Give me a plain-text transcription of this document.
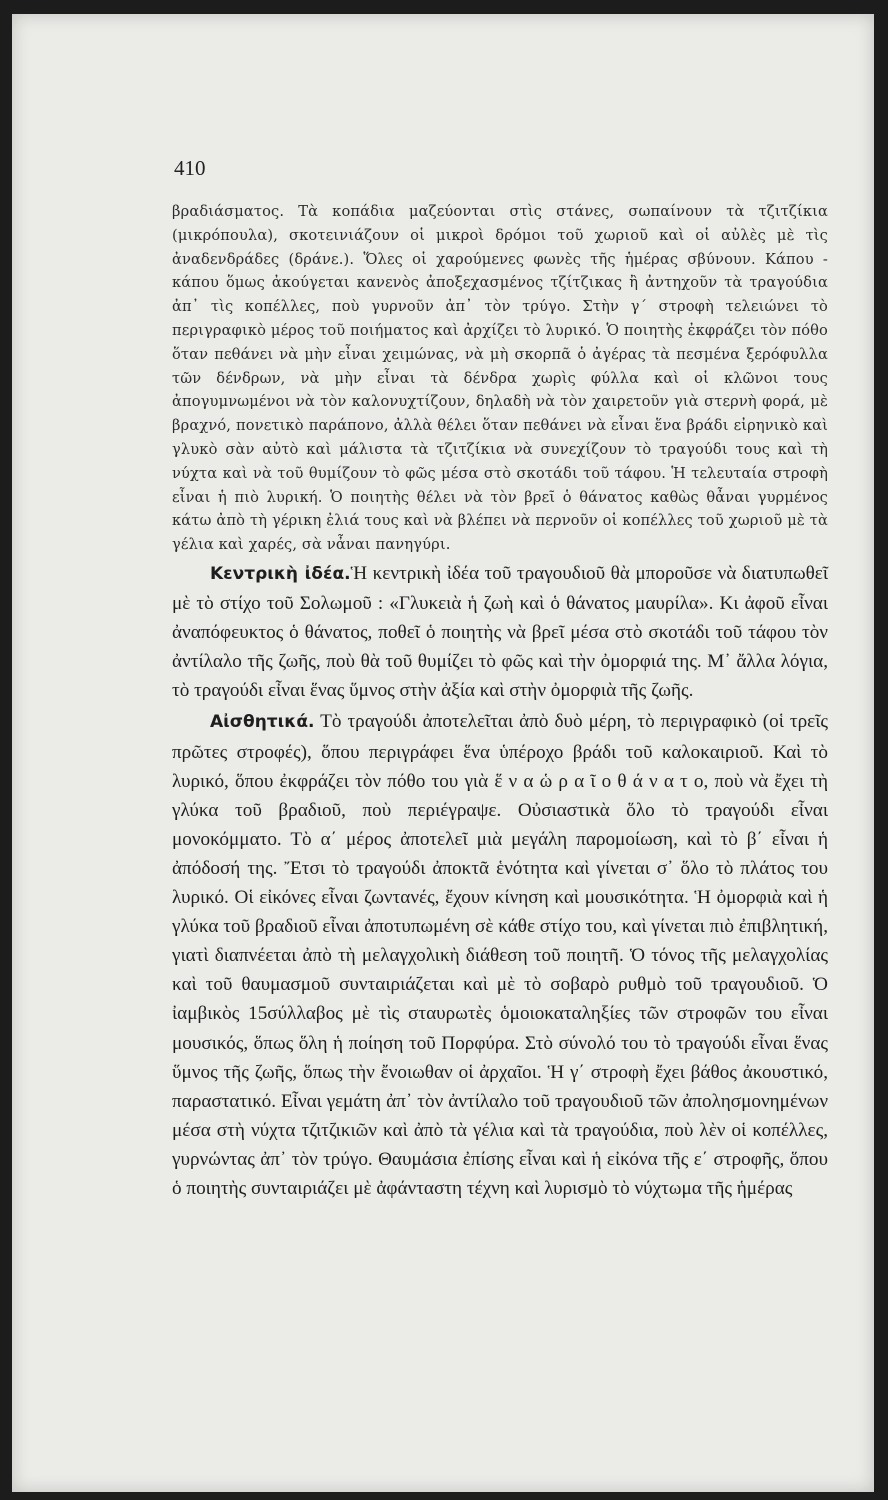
410

βραδιάσματος. Τὰ κοπάδια μαζεύονται στὶς στάνες, σωπαίνουν τὰ τζιτζίκια (μικρόπουλα), σκοτεινιάζουν οἱ μικροὶ δρόμοι τοῦ χωριοῦ καὶ οἱ αὐλὲς μὲ τὶς ἀναδενδράδες (δράνε.). Ὅλες οἱ χαρούμενες φωνὲς τῆς ἡμέρας σβύνουν. Κάπου - κάπου ὅμως ἀκούγεται κανενὸς ἀποξεχασμένος τζίτζικας ἢ ἀντηχοῦν τὰ τραγούδια ἀπ᾽ τὶς κοπέλλες, ποὺ γυρνοῦν ἀπ᾽ τὸν τρύγο. Στὴν γ΄ στροφὴ τελειώνει τὸ περιγραφικὸ μέρος τοῦ ποιήματος καὶ ἀρχίζει τὸ λυρικό. Ὁ ποιητὴς ἐκφράζει τὸν πόθο ὅταν πεθάνει νὰ μὴν εἶναι χειμώνας, νὰ μὴ σκορπᾶ ὁ ἀγέρας τὰ πεσμένα ξερόφυλλα τῶν δένδρων, νὰ μὴν εἶναι τὰ δένδρα χωρὶς φύλλα καὶ οἱ κλῶνοι τους ἀπογυμνωμένοι νὰ τὸν καλονυχτίζουν, δηλαδὴ νὰ τὸν χαιρετοῦν γιὰ στερνὴ φορά, μὲ βραχνό, πονετικὸ παράπονο, ἀλλὰ θέλει ὅταν πεθάνει νὰ εἶναι ἕνα βράδι εἰρηνικὸ καὶ γλυκὸ σὰν αὐτὸ καὶ μάλιστα τὰ τζιτζίκια νὰ συνεχίζουν τὸ τραγούδι τους καὶ τὴ νύχτα καὶ νὰ τοῦ θυμίζουν τὸ φῶς μέσα στὸ σκοτάδι τοῦ τάφου. Ἡ τελευταία στροφὴ εἶναι ἡ πιὸ λυρική. Ὁ ποιητὴς θέλει νὰ τὸν βρεῖ ὁ θάνατος καθὼς θἆναι γυρμένος κάτω ἀπὸ τὴ γέρικη ἐλιά τους καὶ νὰ βλέπει νὰ περνοῦν οἱ κοπέλλες τοῦ χωριοῦ μὲ τὰ γέλια καὶ χαρές, σὰ νἆναι πανηγύρι.

Κεντρικὴ ἰδέα.Ἡ κεντρικὴ ἰδέα τοῦ τραγουδιοῦ θὰ μποροῦσε νὰ διατυπωθεῖ μὲ τὸ στίχο τοῦ Σολωμοῦ : «Γλυκειὰ ἡ ζωὴ καὶ ὁ θάνατος μαυρίλα». Κι ἀφοῦ εἶναι ἀναπόφευκτος ὁ θάνατος, ποθεῖ ὁ ποιητὴς νὰ βρεῖ μέσα στὸ σκοτάδι τοῦ τάφου τὸν ἀντίλαλο τῆς ζωῆς, ποὺ θὰ τοῦ θυμίζει τὸ φῶς καὶ τὴν ὀμορφιά της. Μ᾽ ἄλλα λόγια, τὸ τραγούδι εἶναι ἕνας ὕμνος στὴν ἀξία καὶ στὴν ὀμορφιὰ τῆς ζωῆς.

Αἰσθητικά. Τὸ τραγούδι ἀποτελεῖται ἀπὸ δυὸ μέρη, τὸ περιγραφικὸ (οἱ τρεῖς πρῶτες στροφές), ὅπου περιγράφει ἕνα ὑπέροχο βράδι τοῦ καλοκαιριοῦ. Καὶ τὸ λυρικό, ὅπου ἐκφράζει τὸν πόθο του γιὰ ἕ ν α ὡ ρ α ῖ ο θ ά ν α τ ο, ποὺ νὰ ἔχει τὴ γλύκα τοῦ βραδιοῦ, ποὺ περιέγραψε. Οὐσιαστικὰ ὅλο τὸ τραγούδι εἶναι μονοκόμματο. Τὸ α΄ μέρος ἀποτελεῖ μιὰ μεγάλη παρομοίωση, καὶ τὸ β΄ εἶναι ἡ ἀπόδοσή της. Ἔτσι τὸ τραγούδι ἀποκτᾶ ἑνότητα καὶ γίνεται σ᾽ ὅλο τὸ πλάτος του λυρικό. Οἱ εἰκόνες εἶναι ζωντανές, ἔχουν κίνηση καὶ μουσικότητα. Ἡ ὀμορφιὰ καὶ ἡ γλύκα τοῦ βραδιοῦ εἶναι ἀποτυπωμένη σὲ κάθε στίχο του, καὶ γίνεται πιὸ ἐπιβλητική, γιατὶ διαπνέεται ἀπὸ τὴ μελαγχολικὴ διάθεση τοῦ ποιητῆ. Ὁ τόνος τῆς μελαγχολίας καὶ τοῦ θαυμασμοῦ συνταιριάζεται καὶ μὲ τὸ σοβαρὸ ρυθμὸ τοῦ τραγουδιοῦ. Ὁ ἰαμβικὸς 15σύλλαβος μὲ τὶς σταυρωτὲς ὁμοιοκαταληξίες τῶν στροφῶν του εἶναι μουσικός, ὅπως ὅλη ἡ ποίηση τοῦ Πορφύρα. Στὸ σύνολό του τὸ τραγούδι εἶναι ἕνας ὕμνος τῆς ζωῆς, ὅπως τὴν ἔνοιωθαν οἱ ἀρχαῖοι. Ἡ γ΄ στροφὴ ἔχει βάθος ἀκουστικό, παραστατικό. Εἶναι γεμάτη ἀπ᾽ τὸν ἀντίλαλο τοῦ τραγουδιοῦ τῶν ἀπολησμονημένων μέσα στὴ νύχτα τζιτζικιῶν καὶ ἀπὸ τὰ γέλια καὶ τὰ τραγούδια, ποὺ λὲν οἱ κοπέλλες, γυρνώντας ἀπ᾽ τὸν τρύγο. Θαυμάσια ἐπίσης εἶναι καὶ ἡ εἰκόνα τῆς ε΄ στροφῆς, ὅπου ὁ ποιητὴς συνταιριάζει μὲ ἀφάνταστη τέχνη καὶ λυρισμὸ τὸ νύχτωμα τῆς ἡμέρας
